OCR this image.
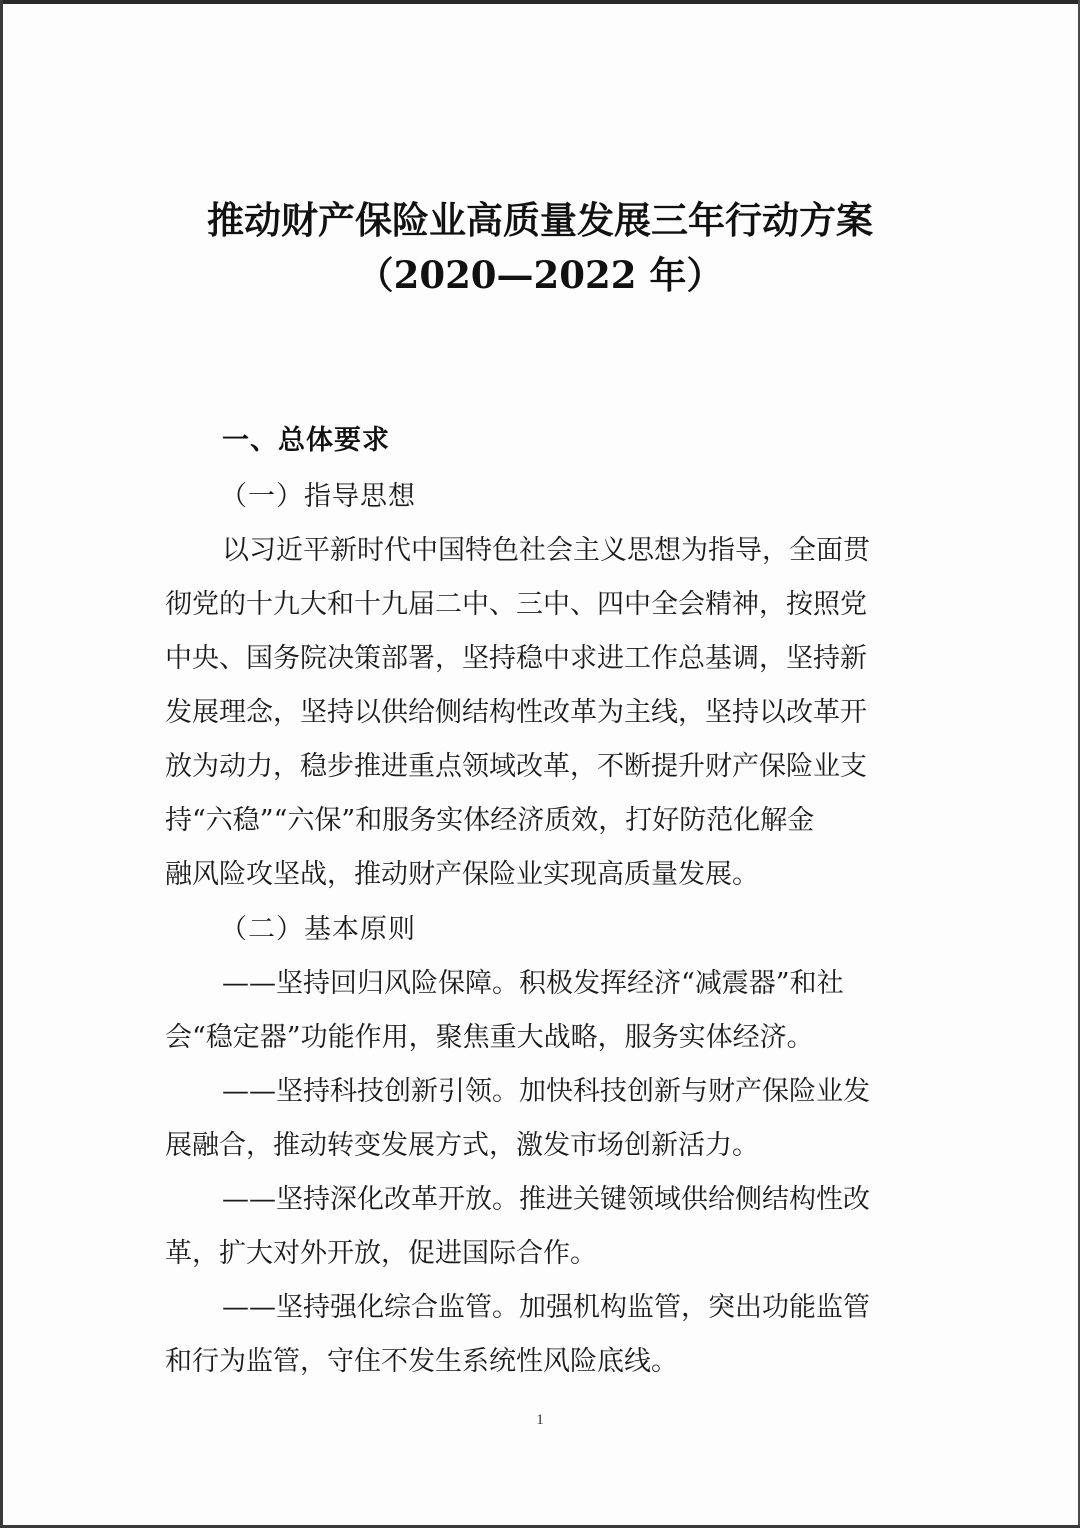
推动财产保险业高质量发展三年行动方案
（2020—2022 年）
一、总体要求
（一）指导思想
以习近平新时代中国特色社会主义思想为指导，全面贯
彻党的十九大和十九届二中、三中、四中全会精神，按照党
中央、国务院决策部署，坚持稳中求进工作总基调，坚持新
发展理念，坚持以供给侧结构性改革为主线，坚持以改革开
放为动力，稳步推进重点领域改革，不断提升财产保险业支
持“六稳”“六保”和服务实体经济质效，打好防范化解金
融风险攻坚战，推动财产保险业实现高质量发展。
（二）基本原则
——坚持回归风险保障。积极发挥经济“减震器”和社
会“稳定器”功能作用，聚焦重大战略，服务实体经济。
——坚持科技创新引领。加快科技创新与财产保险业发
展融合，推动转变发展方式，激发市场创新活力。
——坚持深化改革开放。推进关键领域供给侧结构性改
革，扩大对外开放，促进国际合作。
——坚持强化综合监管。加强机构监管，突出功能监管
和行为监管，守住不发生系统性风险底线。
1
